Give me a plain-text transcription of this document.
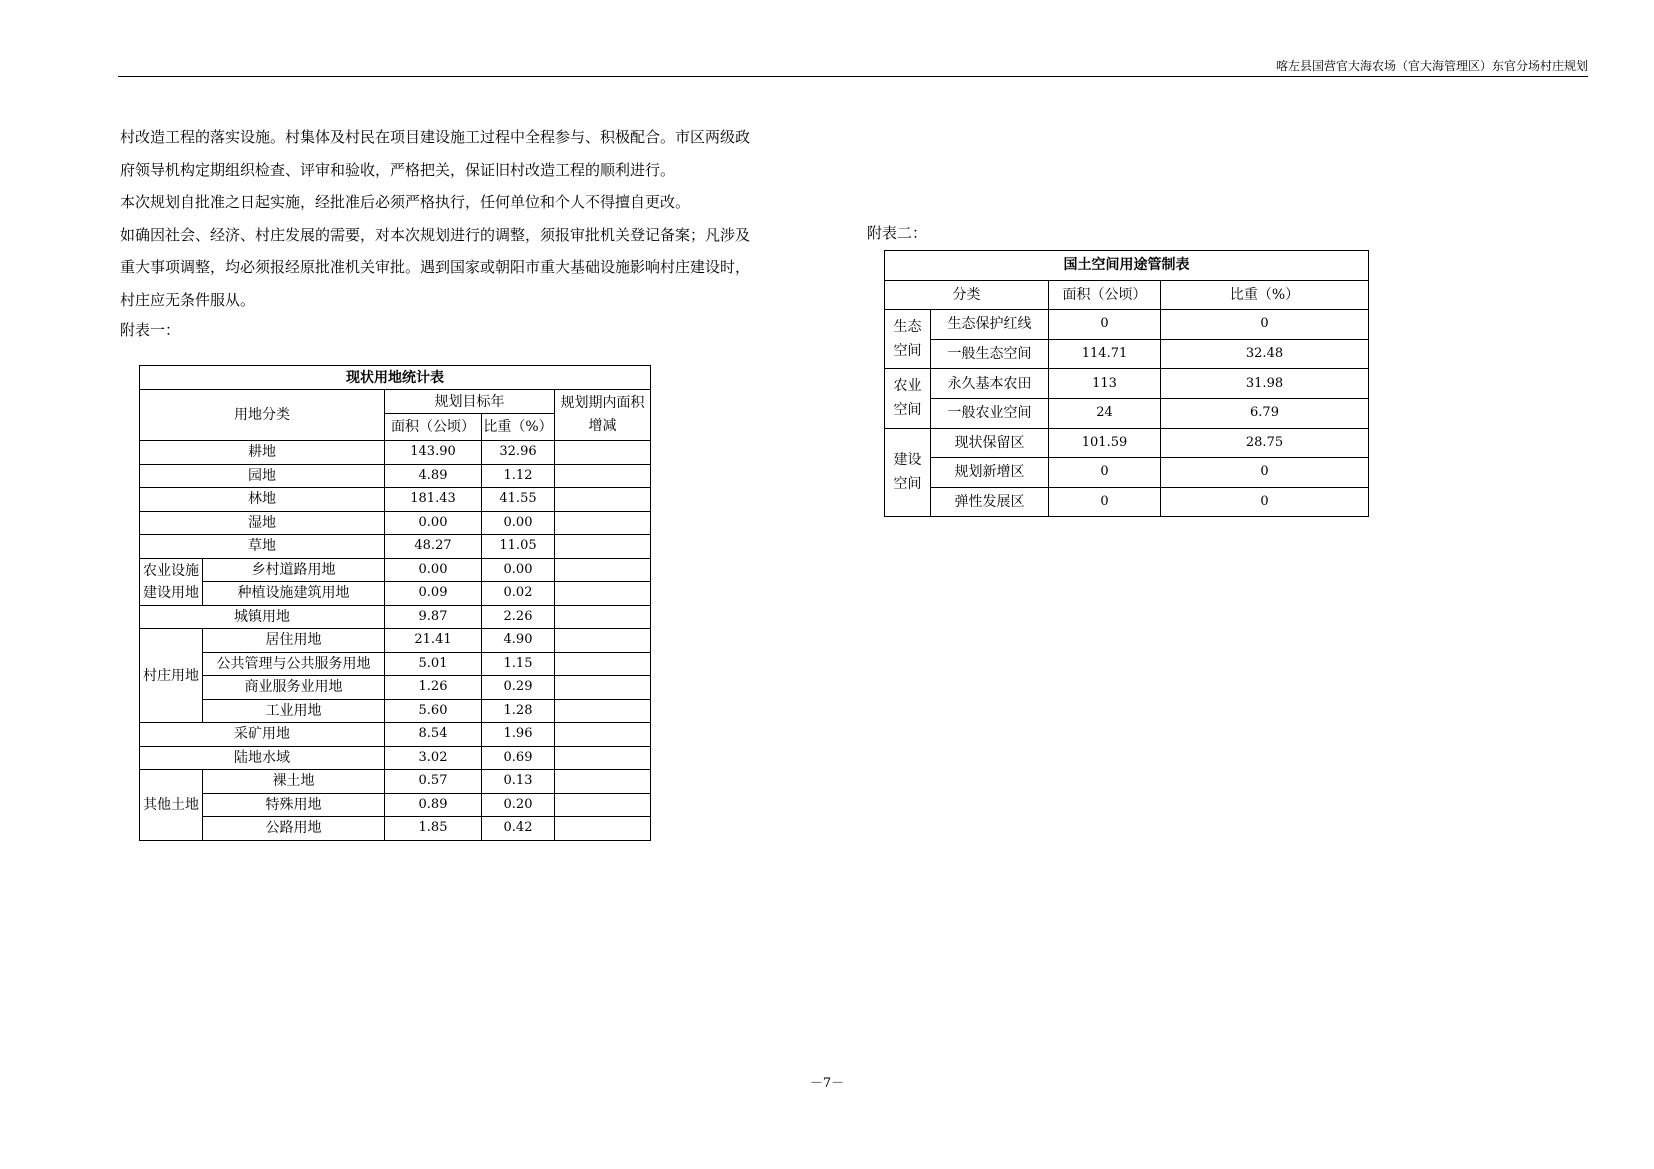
喀左县国营官大海农场（官大海管理区）东官分场村庄规划

村改造工程的落实设施。村集体及村民在项目建设施工过程中全程参与、积极配合。市区两级政

府领导机构定期组织检查、评审和验收，严格把关，保证旧村改造工程的顺利进行。

本次规划自批准之日起实施，经批准后必须严格执行，任何单位和个人不得擅自更改。

如确因社会、经济、村庄发展的需要，对本次规划进行的调整，须报审批机关登记备案；凡涉及

重大事项调整，均必须报经原批准机关审批。遇到国家或朝阳市重大基础设施影响村庄建设时，

村庄应无条件服从。

附表一：
附表二：
现状用地统计表				
用地分类		规划目标年		规划期内面积增减
		面积（公顷）	比重（%）	
耕地		143.90	32.96	
园地		4.89	1.12	
林地		181.43	41.55	
湿地		0.00	0.00	
草地		48.27	11.05	
农业设施建设用地	乡村道路用地	0.00	0.00	
	种植设施建筑用地	0.09	0.02	
城镇用地		9.87	2.26	
村庄用地	居住用地	21.41	4.90	
	公共管理与公共服务用地	5.01	1.15	
	商业服务业用地	1.26	0.29	
	工业用地	5.60	1.28	
采矿用地		8.54	1.96	
陆地水域		3.02	0.69	
其他土地	裸土地	0.57	0.13	
	特殊用地	0.89	0.20	
	公路用地	1.85	0.42	
国土空间用途管制表			
分类		面积（公顷）	比重（%）
生态空间	生态保护红线	0	0
	一般生态空间	114.71	32.48
农业空间	永久基本农田	113	31.98
	一般农业空间	24	6.79
建设空间	现状保留区	101.59	28.75
	规划新增区	0	0
	弹性发展区	0	0
－7－
